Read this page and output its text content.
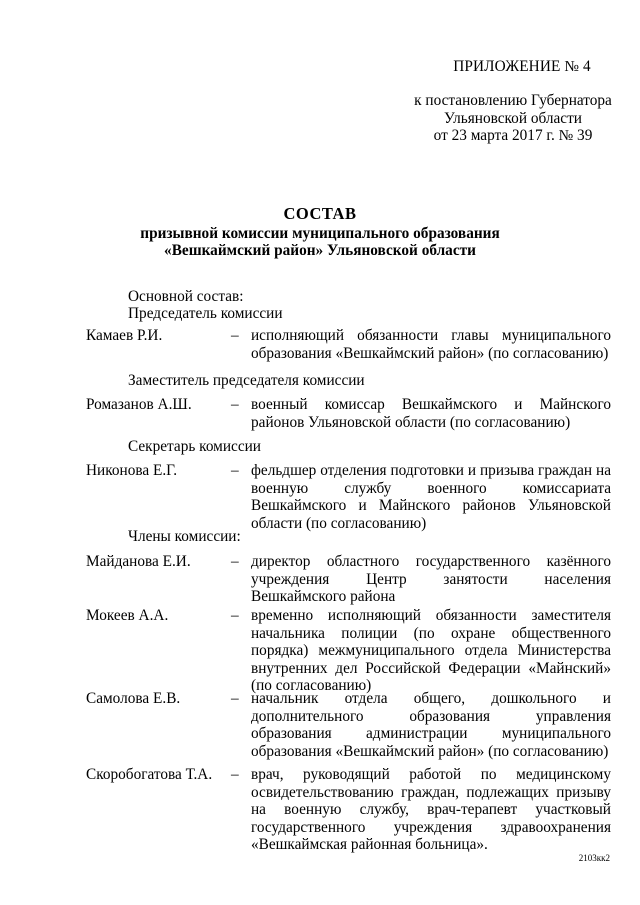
ПРИЛОЖЕНИЕ № 4
к постановлению Губернатора
Ульяновской области
от 23 марта 2017 г. № 39
СОСТАВ
призывной комиссии муниципального образования
«Вешкаймский район» Ульяновской области
Основной состав:
Председатель комиссии
Камаев Р.И.	– исполняющий обязанности главы муниципального образования «Вешкаймский район» (по согласованию)
Заместитель председателя комиссии
Ромазанов А.Ш.	– военный комиссар Вешкаймского и Майнского районов Ульяновской области (по согласованию)
Секретарь комиссии
Никонова Е.Г.	– фельдшер отделения подготовки и призыва граждан на военную службу военного комиссариата Вешкаймского и Майнского районов Ульяновской области (по согласованию)
Члены комиссии:
Майданова Е.И.	– директор областного государственного казённого учреждения Центр занятости населения Вешкаймского района
Мокеев А.А.	– временно исполняющий обязанности заместителя начальника полиции (по охране общественного порядка) межмуниципального отдела Министерства внутренних дел Российской Федерации «Майнский» (по согласованию)
Самолова Е.В.	– начальник отдела общего, дошкольного и дополнительного образования управления образования администрации муниципального образования «Вешкаймский район» (по согласованию)
Скоробогатова Т.А. – врач, руководящий работой по медицинскому освидетельствованию граждан, подлежащих призыву на военную службу, врач-терапевт участковый государственного учреждения здравоохранения «Вешкаймская районная больница».
2103кк2
